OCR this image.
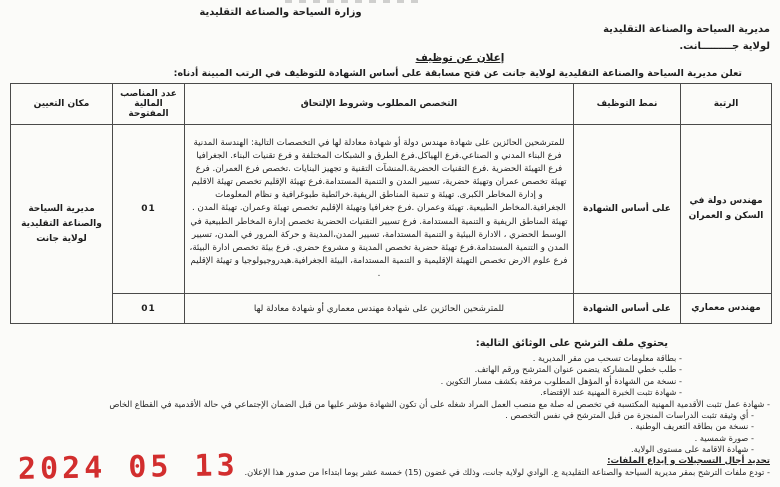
وزارة السياحة والصناعة التقليدية
مديرية السياحة والصناعة التقليدية
لولاية جـــــــــانت.
إعلان عن توظيف
تعلن مديرية السياحة والصناعة التقليدية لولاية جانت عن فتح مسابقة على أساس الشهادة للتوظيف في الرتب المبينة أدناه:
الرتبة	نمط التوظيف	التخصص المطلوب وشروط الإلتحاق	عدد المناصب المالية المفتوحة	مكان التعيين
مهندس دولة في السكن و العمران	على أساس الشهادة	للمترشحين الحائزين على شهادة مهندس دولة أو شهادة معادلة لها في التخصصات التالية: الهندسة المدنية فرع البناء المدني و الصناعي.فرع الهياكل.فرع الطرق و الشبكات المختلفة و فرع تقنيات البناء. الجغرافيا فرع التهيئة الحضرية .فرع التقنيات الحضرية.المنشآت التقنية و تجهيز البنايات .تخصص فرع العمران. فرع تهيئة تخصص عمران وتهيئة حضرية، تسيير المدن و التنمية المستدامة.فرع تهيئة الإقليم تخصص تهيئة الاقليم و إدارة المخاطر الكبرى. تهيئة و تنمية المناطق الريفية.خرائطية طبوغرافية و نظام المعلومات الجغرافية.المخاطر الطبيعية. تهيئة وعمران .فرع جغرافيا وتهيئة الإقليم تخصص تهيئة وعمران. تهيئة المدن . تهيئة المناطق الريفية و التنمية المستدامة. فرع تسيير التقنيات الحضرية تخصص إدارة المخاطر الطبيعية في الوسط الحضري ، الادارة البيئية و التنمية المستدامة، تسيير المدن،المدينة و حركة المرور في المدن، تسيير المدن و التنمية المستدامة.فرع تهيئة حضرية تخصص المدينة و مشروع حضري. فرع بيئة تخصص ادارة البيئة، فرع علوم الارض تخصص التهيئة الإقليمية و التنمية المستدامة، البيئة الجغرافية.هيدروجيولوجيا و تهيئة الإقليم .	01	مديرية السياحة والصناعة التقليدية لولاية جانت
مهندس معماري	على أساس الشهادة	للمترشحين الحائزين على شهادة مهندس معماري أو شهادة معادلة لها	01	
يحتوي ملف الترشح على الوثائق التالية:
- بطاقة معلومات تسحب من مقر المديرية .
- طلب خطي للمشاركة يتضمن عنوان المترشح ورقم الهاتف.
- نسخة من الشهادة أو المؤهل المطلوب مرفقة بكشف مسار التكوين .
- شهادة تثبت الخبرة المهنية عند الإقتضاء.
- شهادة عمل تثبت الأقدمية المهنية المكتسبة في تخصص له صلة مع منصب العمل المراد شغله على أن تكون الشهادة مؤشر عليها من قبل الضمان الإجتماعي في حالة الأقدمية في القطاع الخاص
- أي وثيقة تثبت الدراسات المنجزة من قبل المترشح في نفس التخصص .
- نسخة من بطاقة التعريف الوطنية .
- صورة شمسية .
- شهادة الاقامة على مستوى الولاية.
تحديد أجال التسجيلات و إيداع الملفات:
- تودع ملفات الترشح بمقر مديرية السياحة والصناعة التقليدية ع. الوادي لولاية جانت، وذلك في غضون (15) خمسة عشر يوما ابتداءا من صدور هذا الإعلان.
2024 05 13
